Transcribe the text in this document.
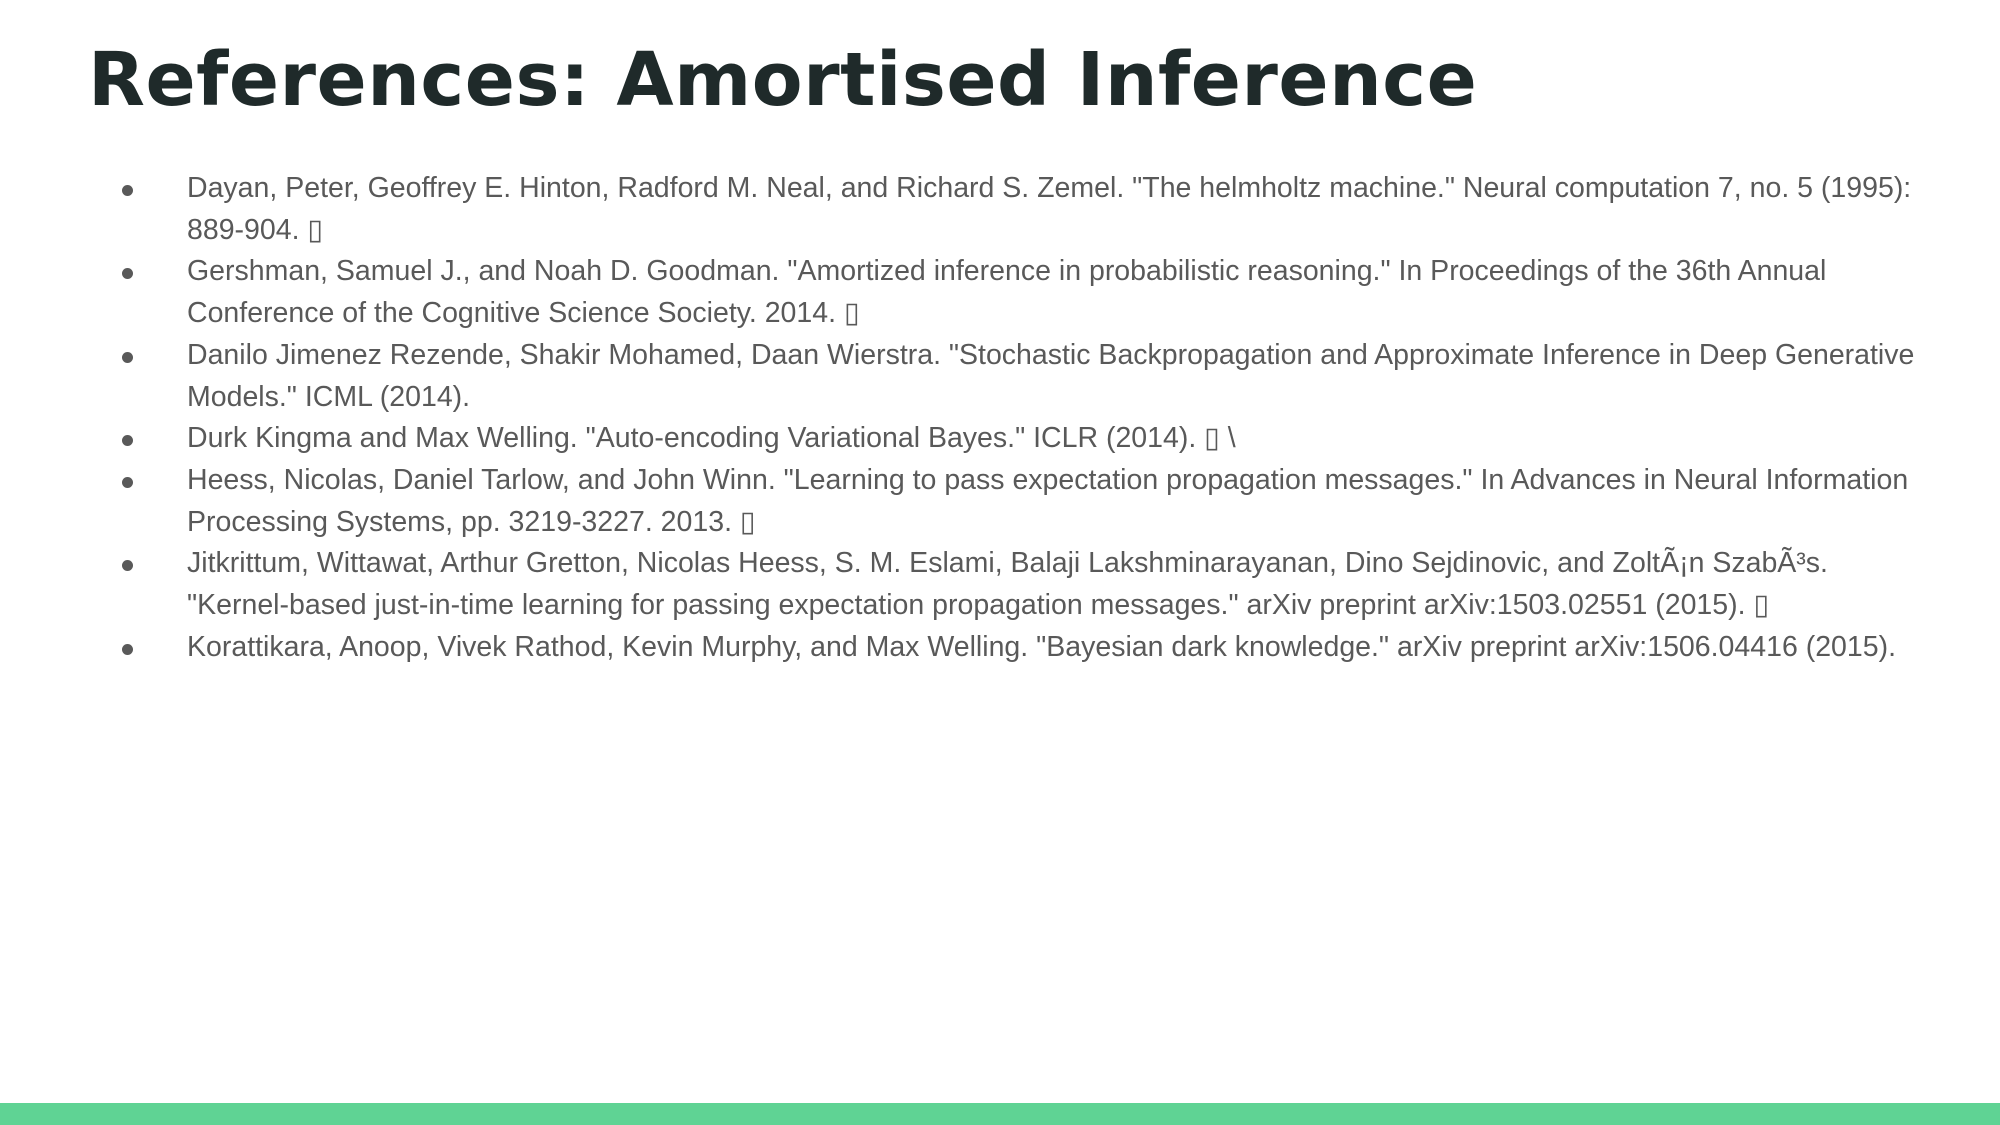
References: Amortised Inference
Dayan, Peter, Geoffrey E. Hinton, Radford M. Neal, and Richard S. Zemel. "The helmholtz machine." Neural computation 7, no. 5 (1995): 889-904. ▯
Gershman, Samuel J., and Noah D. Goodman. "Amortized inference in probabilistic reasoning." In Proceedings of the 36th Annual Conference of the Cognitive Science Society. 2014. ▯
Danilo Jimenez Rezende, Shakir Mohamed, Daan Wierstra. "Stochastic Backpropagation and Approximate Inference in Deep Generative Models." ICML (2014).
Durk Kingma and Max Welling. "Auto-encoding Variational Bayes." ICLR (2014). ▯ \
Heess, Nicolas, Daniel Tarlow, and John Winn. "Learning to pass expectation propagation messages." In Advances in Neural Information Processing Systems, pp. 3219-3227. 2013. ▯
Jitkrittum, Wittawat, Arthur Gretton, Nicolas Heess, S. M. Eslami, Balaji Lakshminarayanan, Dino Sejdinovic, and ZoltÃ¡n SzabÃ³s. "Kernel-based just-in-time learning for passing expectation propagation messages." arXiv preprint arXiv:1503.02551 (2015). ▯
Korattikara, Anoop, Vivek Rathod, Kevin Murphy, and Max Welling. "Bayesian dark knowledge." arXiv preprint arXiv:1506.04416 (2015).
